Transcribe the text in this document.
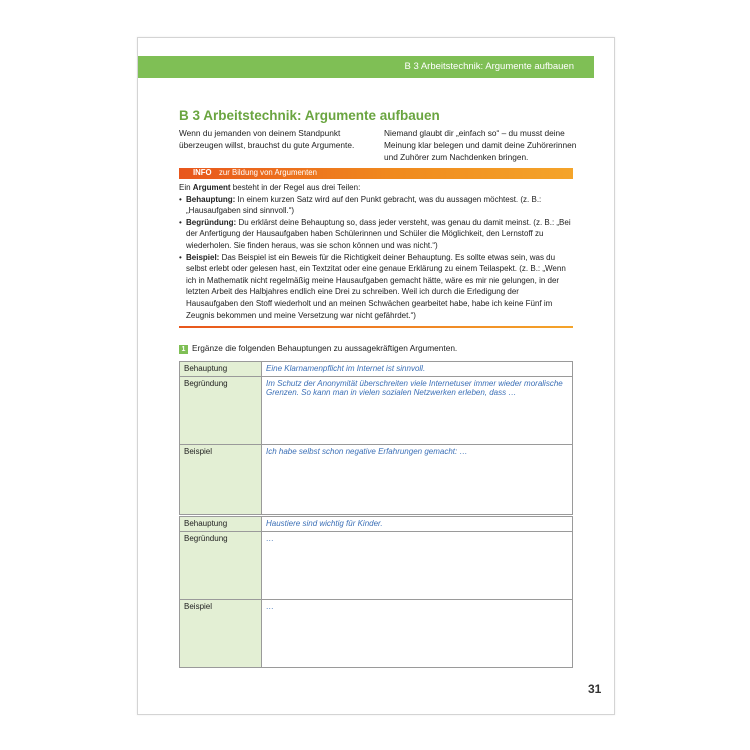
B 3 Arbeitstechnik: Argumente aufbauen
B 3 Arbeitstechnik: Argumente aufbauen
Wenn du jemanden von deinem Standpunkt überzeugen willst, brauchst du gute Argumente.
Niemand glaubt dir „einfach so“ – du musst deine Meinung klar belegen und damit deine Zuhörerinnen und Zuhörer zum Nachdenken bringen.
INFO zur Bildung von Argumenten

Ein Argument besteht in der Regel aus drei Teilen:

• Behauptung: In einem kurzen Satz wird auf den Punkt gebracht, was du aussagen möchtest. (z. B.: „Hausaufgaben sind sinnvoll.“)
• Begründung: Du erklärst deine Behauptung so, dass jeder versteht, was genau du damit meinst. (z. B.: „Bei der Anfertigung der Hausaufgaben haben Schülerinnen und Schüler die Möglichkeit, den Lernstoff zu wiederholen. Sie finden heraus, was sie schon können und was nicht.“)
• Beispiel: Das Beispiel ist ein Beweis für die Richtigkeit deiner Behauptung. Es sollte etwas sein, was du selbst erlebt oder gelesen hast, ein Textzitat oder eine genaue Erklärung zu einem Teilaspekt. (z. B.: „Wenn ich in Mathematik nicht regelmäßig meine Hausaufgaben gemacht hätte, wäre es mir nie gelungen, in der letzten Arbeit des Halbjahres endlich eine Drei zu schreiben. Weil ich durch die Erledigung der Hausaufgaben den Stoff wiederholt und an meinen Schwächen gearbeitet habe, habe ich keine Fünf im Zeugnis bekommen und meine Versetzung war nicht gefährdet.“)
1 Ergänze die folgenden Behauptungen zu aussagekräftigen Argumenten.
Behauptung	Eine Klarnamenpflicht im Internet ist sinnvoll.
Begründung	Im Schutz der Anonymität überschreiten viele Internetuser immer wieder moralische Grenzen. So kann man in vielen sozialen Netzwerken erleben, dass …
Beispiel	Ich habe selbst schon negative Erfahrungen gemacht: …
Behauptung	Haustiere sind wichtig für Kinder.
Begründung	…
Beispiel	…
31
